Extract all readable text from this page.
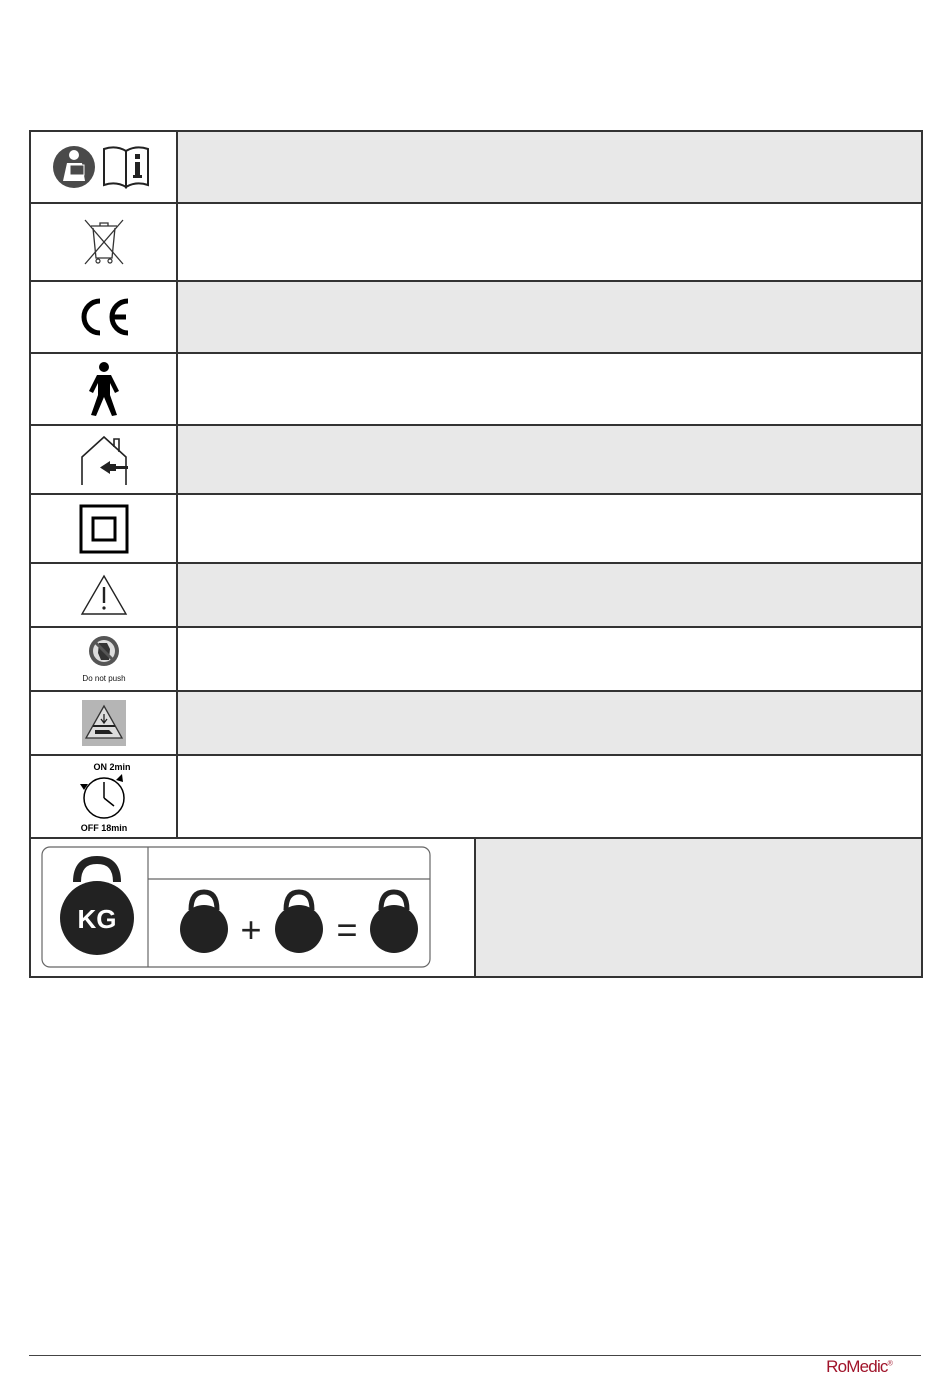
Do not push		

ON 2min
OFF 18min		

KG + =		

RoMedic®
